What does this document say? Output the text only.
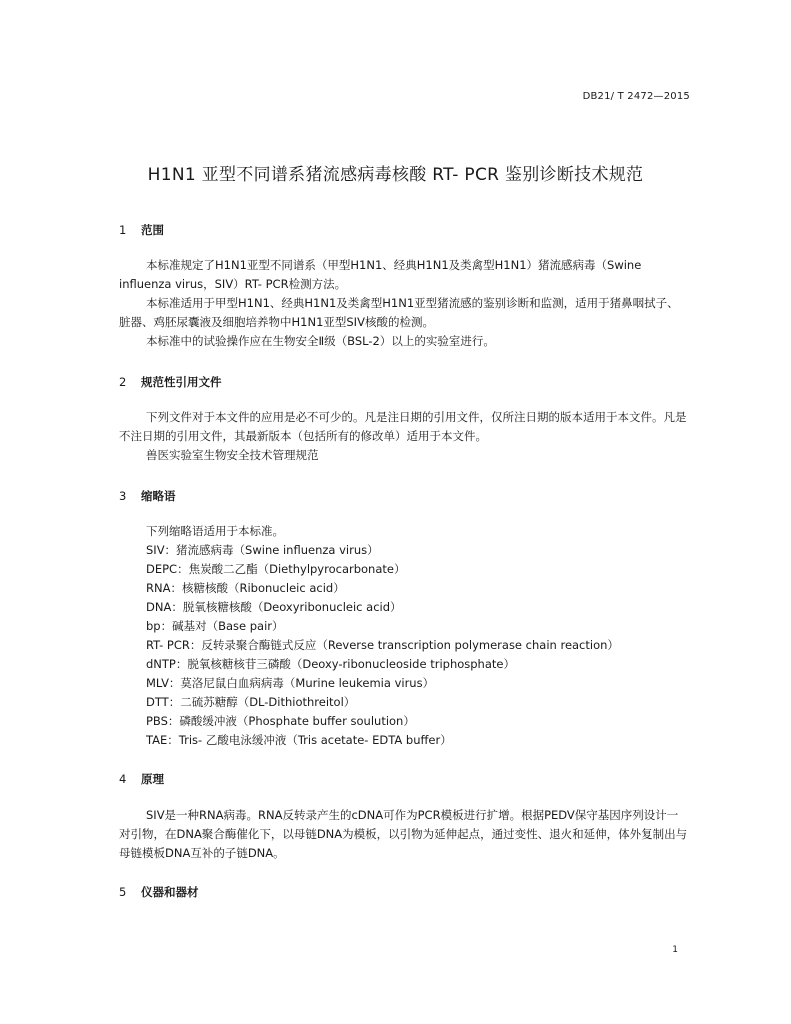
DB21/ T 2472—2015
H1N1 亚型不同谱系猪流感病毒核酸 RT- PCR 鉴别诊断技术规范
1 范围

本标准规定了H1N1亚型不同谱系（甲型H1N1、经典H1N1及类禽型H1N1）猪流感病毒（Swine influenza virus，SIV）RT- PCR检测方法。

本标准适用于甲型H1N1、经典H1N1及类禽型H1N1亚型猪流感的鉴别诊断和监测，适用于猪鼻咽拭子、脏器、鸡胚尿囊液及细胞培养物中H1N1亚型SIV核酸的检测。

本标准中的试验操作应在生物安全Ⅱ级（BSL-2）以上的实验室进行。

2 规范性引用文件

下列文件对于本文件的应用是必不可少的。凡是注日期的引用文件，仅所注日期的版本适用于本文件。凡是不注日期的引用文件，其最新版本（包括所有的修改单）适用于本文件。

兽医实验室生物安全技术管理规范

3 缩略语
下列缩略语适用于本标准。
SIV：猪流感病毒（Swine influenza virus）
DEPC：焦炭酸二乙酯（Diethylpyrocarbonate）
RNA：核糖核酸（Ribonucleic acid）
DNA：脱氧核糖核酸（Deoxyribonucleic acid）
bp：碱基对（Base pair）
RT- PCR：反转录聚合酶链式反应（Reverse transcription polymerase chain reaction）
dNTP：脱氧核糖核苷三磷酸（Deoxy-ribonucleoside triphosphate）
MLV：莫洛尼鼠白血病病毒（Murine leukemia virus）
DTT：二硫苏糖醇（DL-Dithiothreitol）
PBS：磷酸缓冲液（Phosphate buffer soulution）
TAE：Tris- 乙酸电泳缓冲液（Tris acetate- EDTA buffer）
4 原理

SIV是一种RNA病毒。RNA反转录产生的cDNA可作为PCR模板进行扩增。根据PEDV保守基因序列设计一对引物，在DNA聚合酶催化下，以母链DNA为模板，以引物为延伸起点，通过变性、退火和延伸，体外复制出与母链模板DNA互补的子链DNA。

5 仪器和器材
1
